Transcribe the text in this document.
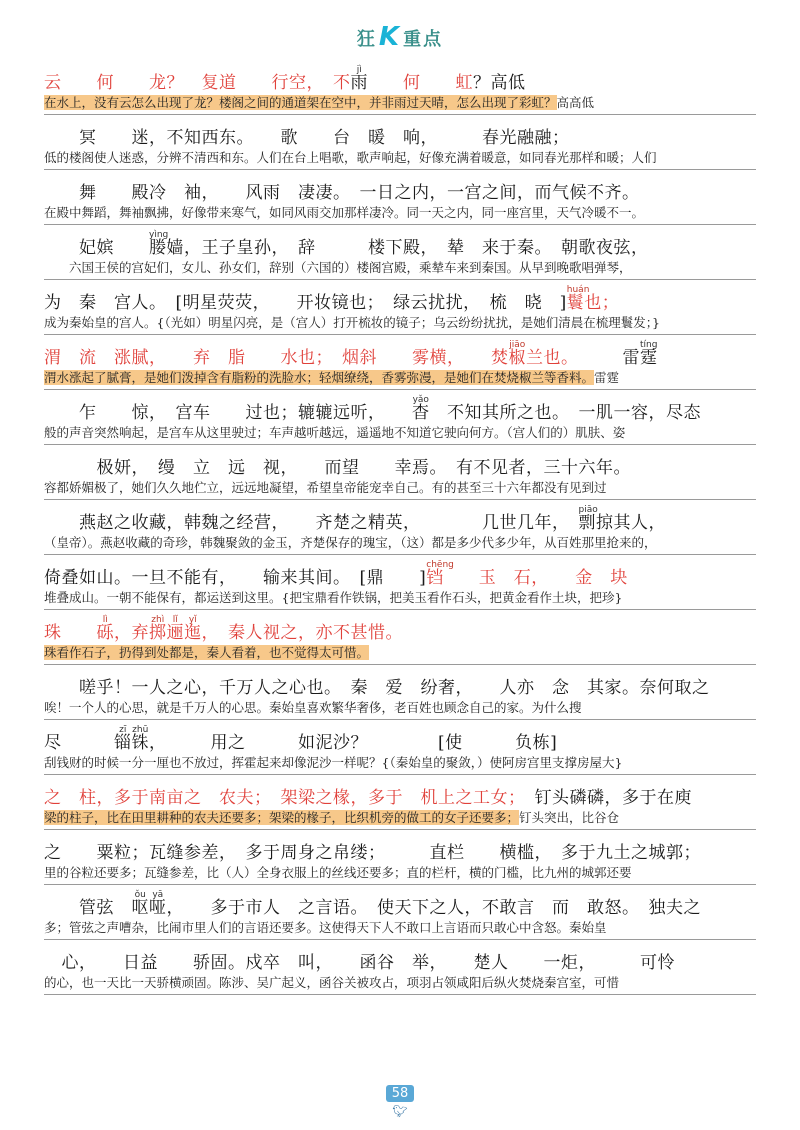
狂K 重点
云　　何　　龙？　复道　　行空，　不雨
jì
　　何　　虹？高低
在水上，没有云怎么出现了龙？楼阁之间的通道架在空中，并非雨过天晴，怎么出现了彩虹？高高低
　　冥　　迷，不知西东。　　歌　　台　暖　响，　　　春光融融；
低的楼阁使人迷惑，分辨不清西和东。人们在台上唱歌，歌声响起，好像充满着暖意，如同春光那样和暖；人们
　　舞　　殿冷　袖，　　风雨　凄凄。　一日之内，一宫之间，而气候不齐。
在殿中舞蹈，舞袖飘拂，好像带来寒气，如同风雨交加那样凄冷。同一天之内，同一座宫里，天气冷暖不一。
　　妃嫔　　媵
yìng
嫱，王子皇孙，　辞　　　楼下殿，　辇　来于秦。　朝歌夜弦，
　　六国王侯的宫妃们，女儿、孙女们，辞别（六国的）楼阁宫殿，乘辇车来到秦国。从早到晚歌唱弹琴，
为　秦　宫人。　[明星荧荧，　　开妆镜也；　绿云扰扰，　梳　晓　]鬟
huán
也；
成为秦始皇的宫人。{（光如）明星闪亮，是（宫人）打开梳妆的镜子；乌云纷纷扰扰，是她们清晨在梳理鬟发；}
渭　流　涨腻，　　弃　脂　　水也；　烟斜　　雾横，　　焚椒
jiāo
兰也。　　　雷霆
tíng
渭水涨起了腻膏，是她们泼掉含有脂粉的洗脸水；轻烟缭绕，香雾弥漫，是她们在焚烧椒兰等香料。雷霆
　　乍　　惊，　宫车　　过也；辘辘远听，　　杳
yǎo
　不知其所之也。　一肌一容，尽态
般的声音突然响起，是宫车从这里驶过；车声越听越远，遥遥地不知道它驶向何方。（宫人们的）肌肤、姿
　　　极妍，　缦　立　远　视，　　而望　　幸焉。　有不见者，三十六年。
容都娇媚极了，她们久久地伫立，远远地凝望，希望皇帝能宠幸自己。有的甚至三十六年都没有见到过
　　燕赵之收藏，韩魏之经营，　　齐楚之精英，　　　　几世几年，　剽
piāo
掠其人，
（皇帝）。燕赵收藏的奇珍，韩魏聚敛的金玉，齐楚保存的瑰宝，（这）都是多少代多少年，从百姓那里抢来的，
倚叠如山。一旦不能有，　　输来其间。　[鼎　　]铛
chēng
　　玉　石，　　金　块
堆叠成山。一朝不能保有，都运送到这里。{把宝鼎看作铁锅，把美玉看作石头，把黄金看作土块，把珍}
珠　　砾
lì
，弃掷
zhì
逦
lǐ
迤
yǐ
，　秦人视之，亦不甚惜。
珠看作石子，扔得到处都是，秦人看着，也不觉得太可惜。
　　嗟乎！一人之心，千万人之心也。　秦　爱　纷奢，　　人亦　念　其家。奈何取之
唉！一个人的心思，就是千万人的心思。秦始皇喜欢繁华奢侈，老百姓也顾念自己的家。为什么搜
尽　　　锱
zī
铢
zhū
，　　　用之　　　如泥沙？　　　　[使　　　负栋]
刮钱财的时候一分一厘也不放过，挥霍起来却像泥沙一样呢？{（秦始皇的聚敛，）使阿房宫里支撑房屋大}
之　柱，多于南亩之　农夫；　架梁之椽，多于　机上之工女；　钉头磷磷，多于在庾
梁的柱子，比在田里耕种的农夫还要多；架梁的椽子，比织机旁的做工的女子还要多；钉头突出，比谷仓
之　　粟粒；瓦缝参差，　多于周身之帛缕；　　　直栏　　横槛，　多于九土之城郭；
里的谷粒还要多；瓦缝参差，比（人）全身衣服上的丝线还要多；直的栏杆，横的门槛，比九州的城郭还要
　　管弦　呕
ǒu
哑
yā
，　　多于市人　之言语。　使天下之人，不敢言　而　敢怒。　独夫之
多；管弦之声嘈杂，比闹市里人们的言语还要多。这使得天下人不敢口上言语而只敢心中含怒。秦始皇
　心，　　日益　　骄固。戍卒　叫，　　函谷　举，　　楚人　　一炬，　　　可怜
的心，也一天比一天骄横顽固。陈涉、吴广起义，函谷关被攻占，项羽占领咸阳后纵火焚烧秦宫室，可惜
58
🐦︎
